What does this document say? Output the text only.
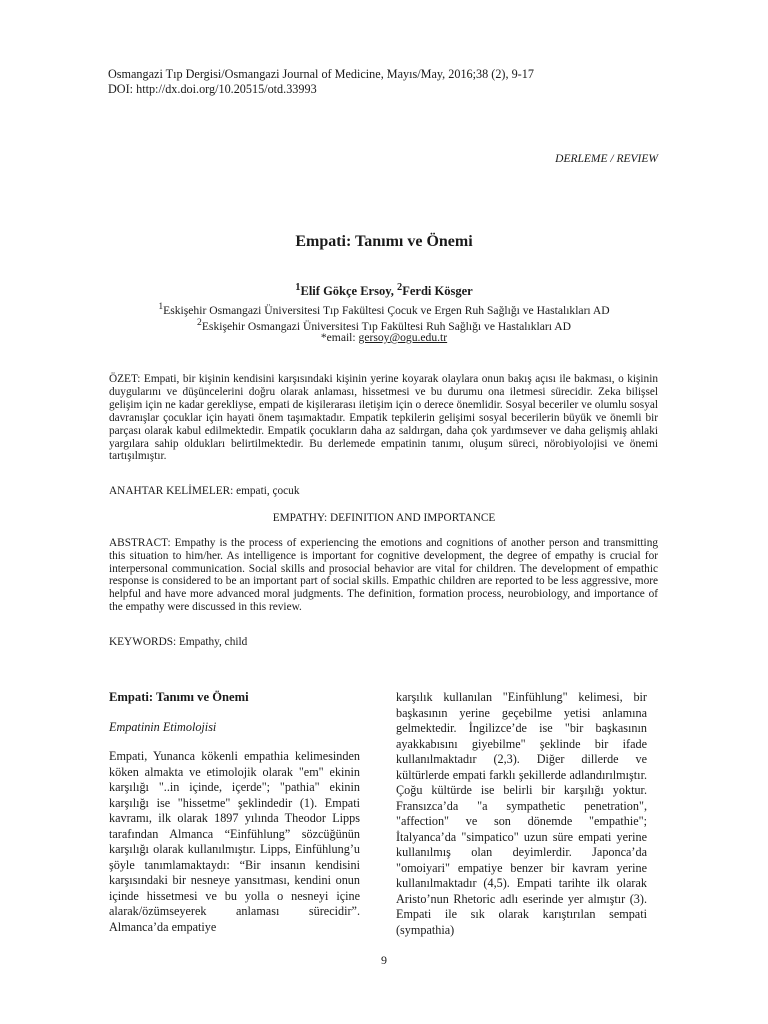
Osmangazi Tıp Dergisi/Osmangazi Journal of Medicine, Mayıs/May, 2016;38 (2), 9-17
DOI: http://dx.doi.org/10.20515/otd.33993
DERLEME / REVIEW
Empati: Tanımı ve Önemi
$^1$Elif Gökçe Ersoy, $^2$Ferdi Kösger
$^1$Eskişehir Osmangazi Üniversitesi Tıp Fakültesi Çocuk ve Ergen Ruh Sağlığı ve Hastalıkları AD
$^2$Eskişehir Osmangazi Üniversitesi Tıp Fakültesi Ruh Sağlığı ve Hastalıkları AD
*email: gersoy@ogu.edu.tr
ÖZET: Empati, bir kişinin kendisini karşısındaki kişinin yerine koyarak olaylara onun bakış açısı ile bakması, o kişinin duygularını ve düşüncelerini doğru olarak anlaması, hissetmesi ve bu durumu ona iletmesi sürecidir. Zeka bilişsel gelişim için ne kadar gerekliyse, empati de kişilerarası iletişim için o derece önemlidir. Sosyal beceriler ve olumlu sosyal davranışlar çocuklar için hayati önem taşımaktadır. Empatik tepkilerin gelişimi sosyal becerilerin büyük ve önemli bir parçası olarak kabul edilmektedir. Empatik çocukların daha az saldırgan, daha çok yardımsever ve daha gelişmiş ahlaki yargılara sahip oldukları belirtilmektedir. Bu derlemede empatinin tanımı, oluşum süreci, nörobiyolojisi ve önemi tartışılmıştır.
ANAHTAR KELİMELER: empati, çocuk
EMPATHY: DEFINITION AND IMPORTANCE
ABSTRACT: Empathy is the process of experiencing the emotions and cognitions of another person and transmitting this situation to him/her. As intelligence is important for cognitive development, the degree of empathy is crucial for interpersonal communication. Social skills and prosocial behavior are vital for children. The development of empathic response is considered to be an important part of social skills. Empathic children are reported to be less aggressive, more helpful and have more advanced moral judgments. The definition, formation process, neurobiology, and importance of the empathy were discussed in this review.
KEYWORDS: Empathy, child
Empati: Tanımı ve Önemi
Empatinin Etimolojisi
Empati, Yunanca kökenli empathia kelimesinden köken almakta ve etimolojik olarak "em" ekinin karşılığı "..in içinde, içerde"; "pathia" ekinin karşılığı ise "hissetme" şeklindedir (1). Empati kavramı, ilk olarak 1897 yılında Theodor Lipps tarafından Almanca “Einfühlung” sözcüğünün karşılığı olarak kullanılmıştır. Lipps, Einfühlung’u şöyle tanımlamaktaydı: “Bir insanın kendisini karşısındaki bir nesneye yansıtması, kendini onun içinde hissetmesi ve bu yolla o nesneyi içine alarak/özümseyerek anlaması sürecidir”. Almanca’da empatiye
karşılık kullanılan "Einfühlung" kelimesi, bir başkasının yerine geçebilme yetisi anlamına gelmektedir. İngilizce’de ise "bir başkasının ayakkabısını giyebilme" şeklinde bir ifade kullanılmaktadır (2,3). Diğer dillerde ve kültürlerde empati farklı şekillerde adlandırılmıştır. Çoğu kültürde ise belirli bir karşılığı yoktur. Fransızca’da "a sympathetic penetration", "affection" ve son dönemde "empathie"; İtalyanca’da "simpatico" uzun süre empati yerine kullanılmış olan deyimlerdir. Japonca’da "omoiyari" empatiye benzer bir kavram yerine kullanılmaktadır (4,5). Empati tarihte ilk olarak Aristo’nun Rhetoric adlı eserinde yer almıştır (3). Empati ile sık olarak karıştırılan sempati (sympathia)
9
